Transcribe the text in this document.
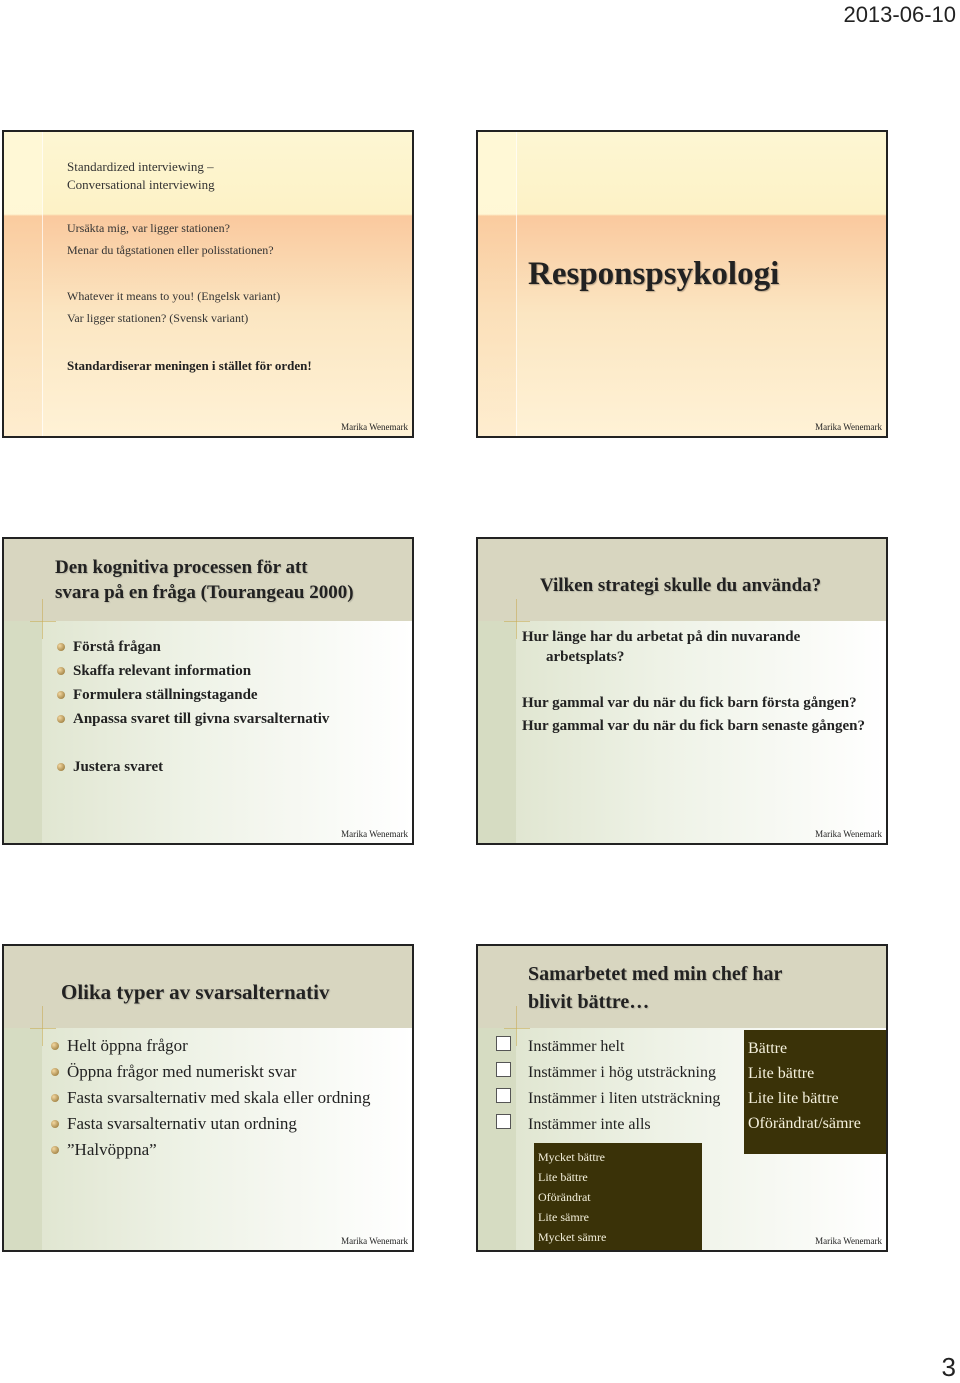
2013-06-10
Standardized interviewing –
Conversational interviewing
Ursäkta mig, var ligger stationen?
Menar du tågstationen eller polisstationen?
Whatever it means to you! (Engelsk variant)
Var ligger stationen? (Svensk variant)
Standardiserar meningen i stället för orden!
Marika Wenemark
Responspsykologi
Marika Wenemark
Den kognitiva processen för att
svara på en fråga (Tourangeau 2000)
Förstå frågan
Skaffa relevant information
Formulera ställningstagande
Anpassa svaret till givna svarsalternativ
Justera svaret
Marika Wenemark
Vilken strategi skulle du använda?
Hur länge har du arbetat på din nuvarande
arbetsplats?
Hur gammal var du när du fick barn första gången?
Hur gammal var du när du fick barn senaste gången?
Marika Wenemark
Olika typer av svarsalternativ
Helt öppna frågor
Öppna frågor med numeriskt svar
Fasta svarsalternativ med skala eller ordning
Fasta svarsalternativ utan ordning
”Halvöppna”
Marika Wenemark
Samarbetet med min chef har
blivit bättre…
Instämmer helt
Instämmer i hög utsträckning
Instämmer i liten utsträckning
Instämmer inte alls
Bättre
Lite bättre
Lite lite bättre
Oförändrat/sämre
Mycket bättre
Lite bättre
Oförändrat
Lite sämre
Mycket sämre	Marika Wenemark
3
